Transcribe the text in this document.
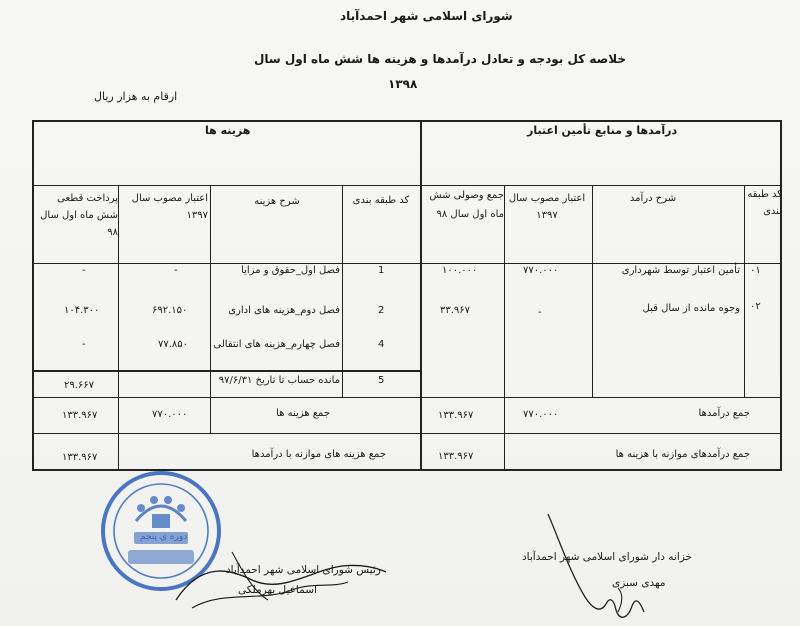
شورای اسلامی شهر احمدآباد
خلاصه کل بودجه و تعادل درآمدها و هزینه ها شش ماه اول سال
۱۳۹۸
ارقام به هزار ریال
درآمدها و منابع تأمین اعتبار
هزینه ها
کد طبقه بندی
شرح درآمد
اعتبار مصوب سال ۱۳۹۷
جمع وصولی شش ماه اول سال ۹۸
کد طبقه بندی
شرح هزینه
اعتبار مصوب سال ۱۳۹۷
پرداخت قطعی شش ماه اول سال ۹۸
۰۱
تأمین اعتبار توسط شهرداری
۷۷۰.۰۰۰
۱۰۰.۰۰۰
1
فصل اول_حقوق و مزایا
-
-
۰۲
وجوه مانده از سال قبل
-
۳۳.۹۶۷
2
فصل دوم_هزینه های اداری
۶۹۲.۱۵۰
۱۰۴.۳۰۰
4
فصل چهارم_هزینه های انتقالی
۷۷.۸۵۰
-
5
مانده حساب تا تاریخ ۹۷/۶/۳۱
۲۹.۶۶۷
جمع درآمدها
۷۷۰.۰۰۰
۱۳۳.۹۶۷
جمع هزینه ها
۷۷۰.۰۰۰
۱۳۳.۹۶۷
جمع درآمدهای موازنه با هزینه ها
۱۳۳.۹۶۷
جمع هزینه های موازنه با درآمدها
۱۳۳.۹۶۷
خزانه دار شورای اسلامی شهر احمدآباد
مهدی سبزی
رئیس شورای اسلامی شهر احمدآباد
اسماعیل بهرملکی
دوره ی پنجم
